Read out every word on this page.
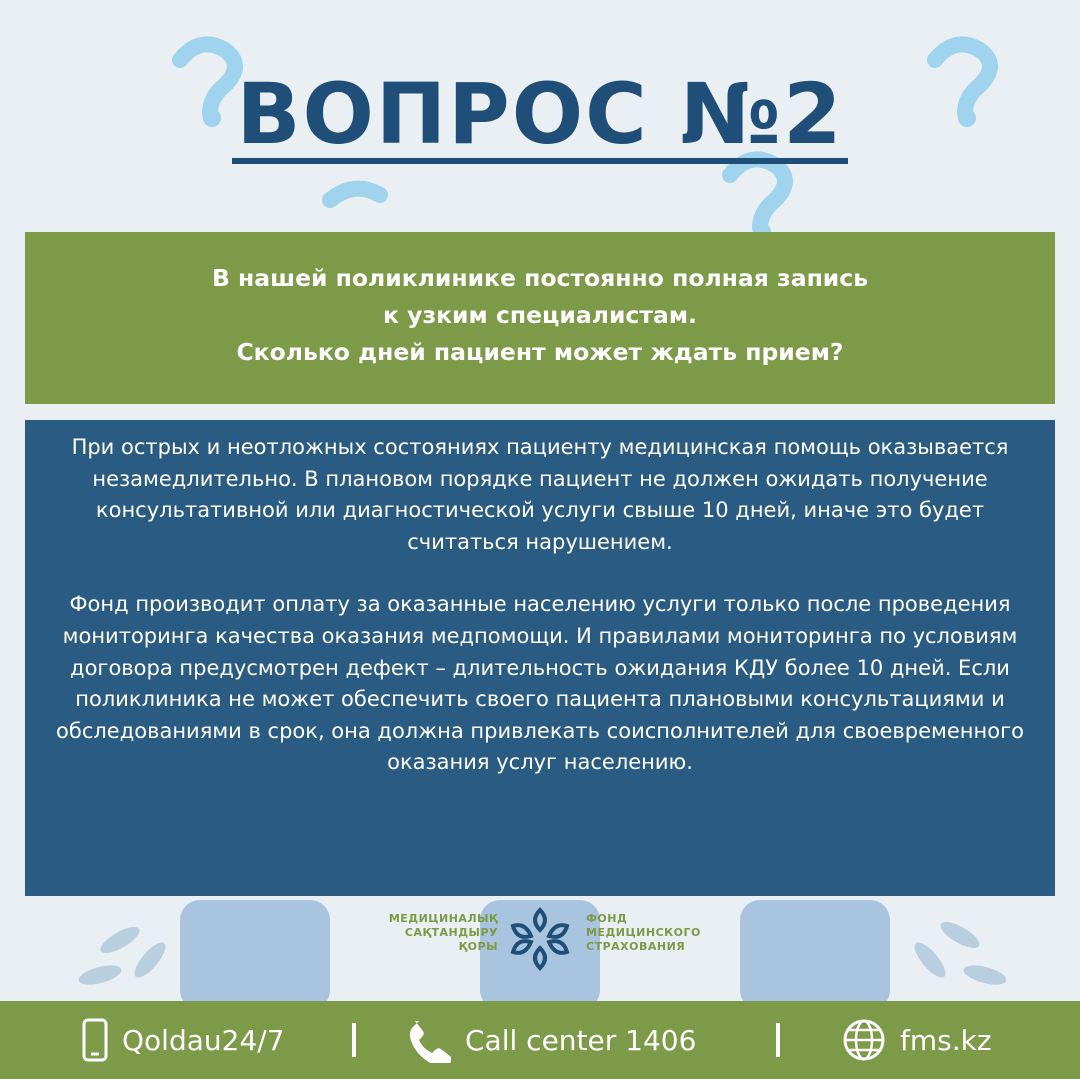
ВОПРОС №2
В нашей поликлинике постоянно полная запись
к узким специалистам.
Сколько дней пациент может ждать прием?

При острых и неотложных состояниях пациенту медицинская помощь оказывается незамедлительно. В плановом порядке пациент не должен ожидать получение консультативной или диагностической услуги свыше 10 дней, иначе это будет считаться нарушением.

Фонд производит оплату за оказанные населению услуги только после проведения мониторинга качества оказания медпомощи. И правилами мониторинга по условиям договора предусмотрен дефект – длительность ожидания КДУ более 10 дней. Если поликлиника не может обеспечить своего пациента плановыми консультациями и обследованиями в срок, она должна привлекать соисполнителей для своевременного оказания услуг населению.

МЕДИЦИНАЛЫҚ
САҚТАНДЫРУ
ҚОРЫ
ФОНД
МЕДИЦИНСКОГО
СТРАХОВАНИЯ
Qoldau24/7	Call center 1406	fms.kz
